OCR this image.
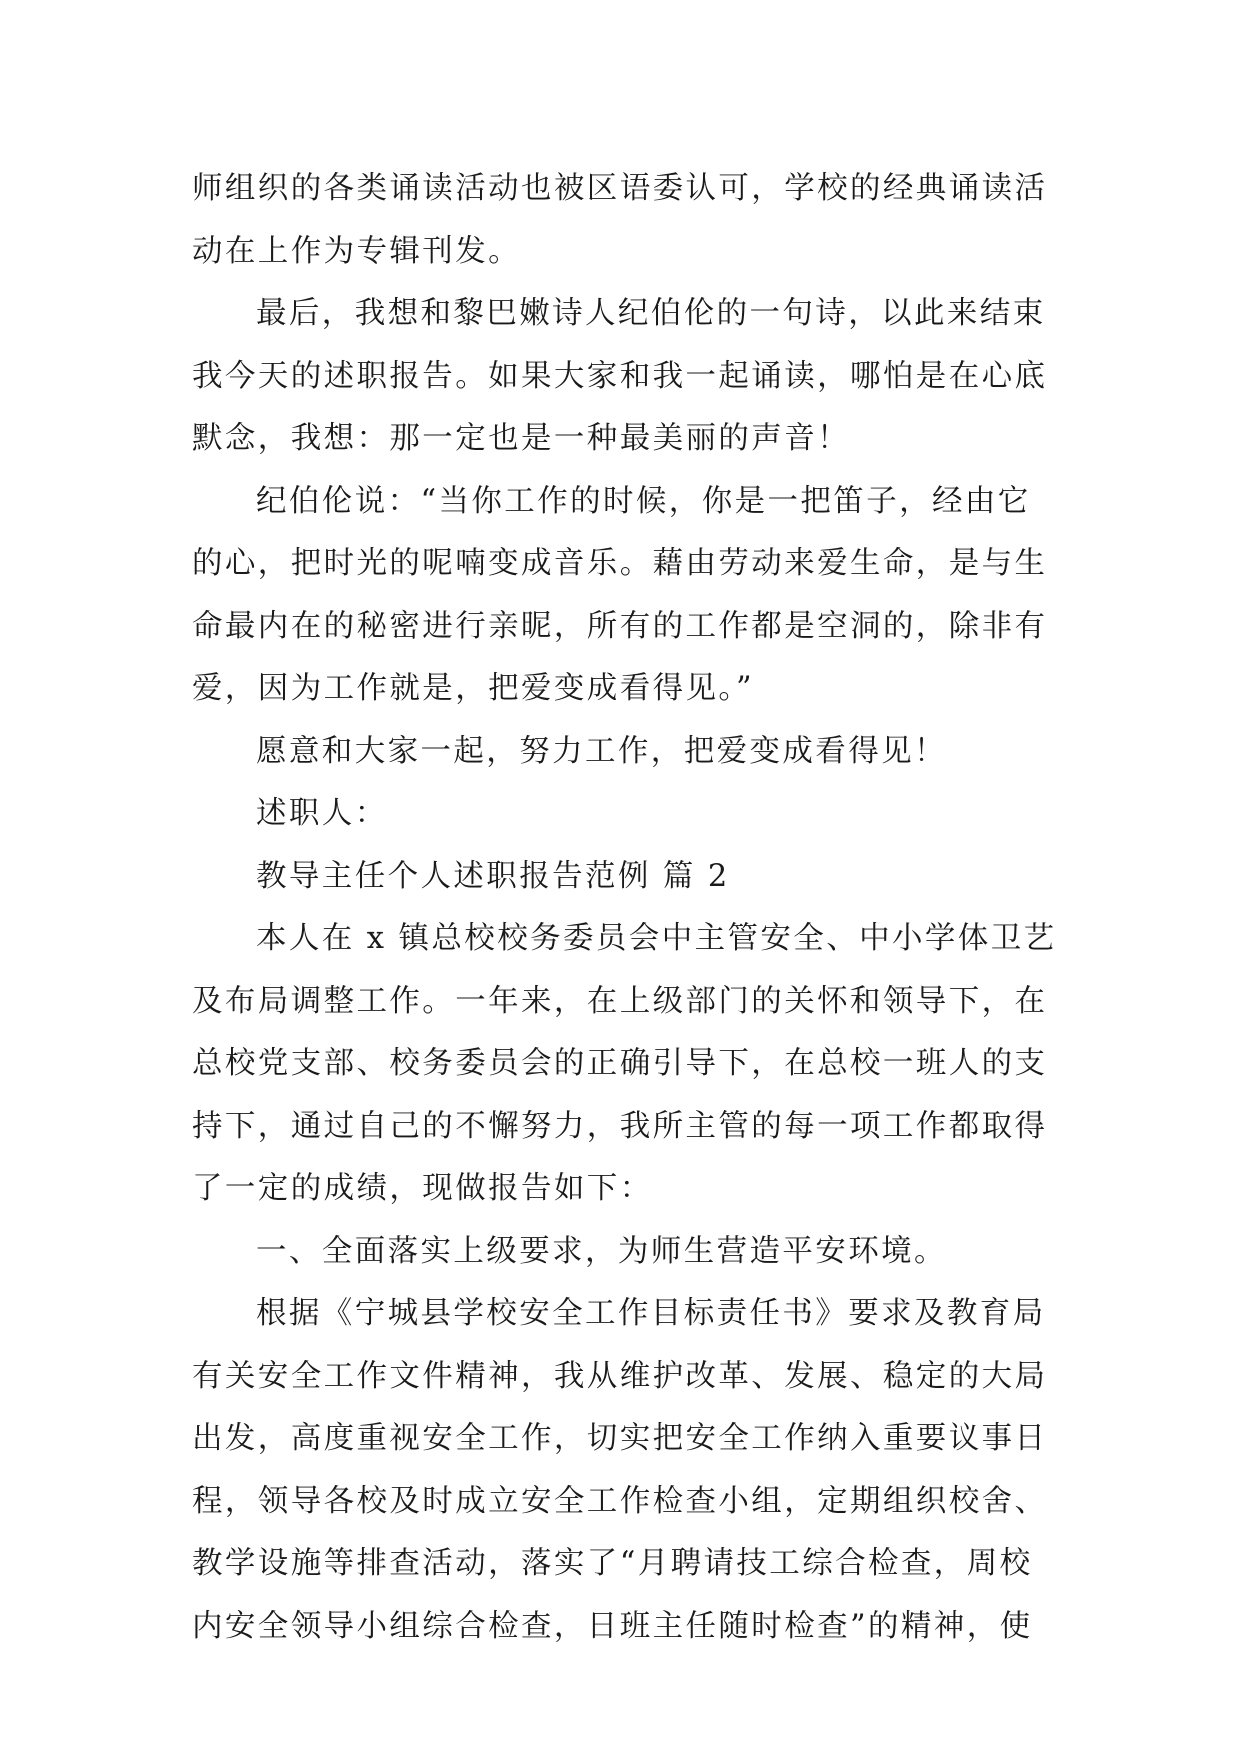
师组织的各类诵读活动也被区语委认可，学校的经典诵读活
动在上作为专辑刊发。
最后，我想和黎巴嫩诗人纪伯伦的一句诗，以此来结束
我今天的述职报告。如果大家和我一起诵读，哪怕是在心底
默念，我想：那一定也是一种最美丽的声音！
纪伯伦说：“当你工作的时候，你是一把笛子，经由它
的心，把时光的呢喃变成音乐。藉由劳动来爱生命，是与生
命最内在的秘密进行亲昵，所有的工作都是空洞的，除非有
爱，因为工作就是，把爱变成看得见。”
愿意和大家一起，努力工作，把爱变成看得见！
述职人：
教导主任个人述职报告范例 篇 2
本人在 x 镇总校校务委员会中主管安全、中小学体卫艺
及布局调整工作。一年来，在上级部门的关怀和领导下，在
总校党支部、校务委员会的正确引导下，在总校一班人的支
持下，通过自己的不懈努力，我所主管的每一项工作都取得
了一定的成绩，现做报告如下：
一、全面落实上级要求，为师生营造平安环境。
根据《宁城县学校安全工作目标责任书》要求及教育局
有关安全工作文件精神，我从维护改革、发展、稳定的大局
出发，高度重视安全工作，切实把安全工作纳入重要议事日
程，领导各校及时成立安全工作检查小组，定期组织校舍、
教学设施等排查活动，落实了“月聘请技工综合检查，周校
内安全领导小组综合检查，日班主任随时检查”的精神，使
